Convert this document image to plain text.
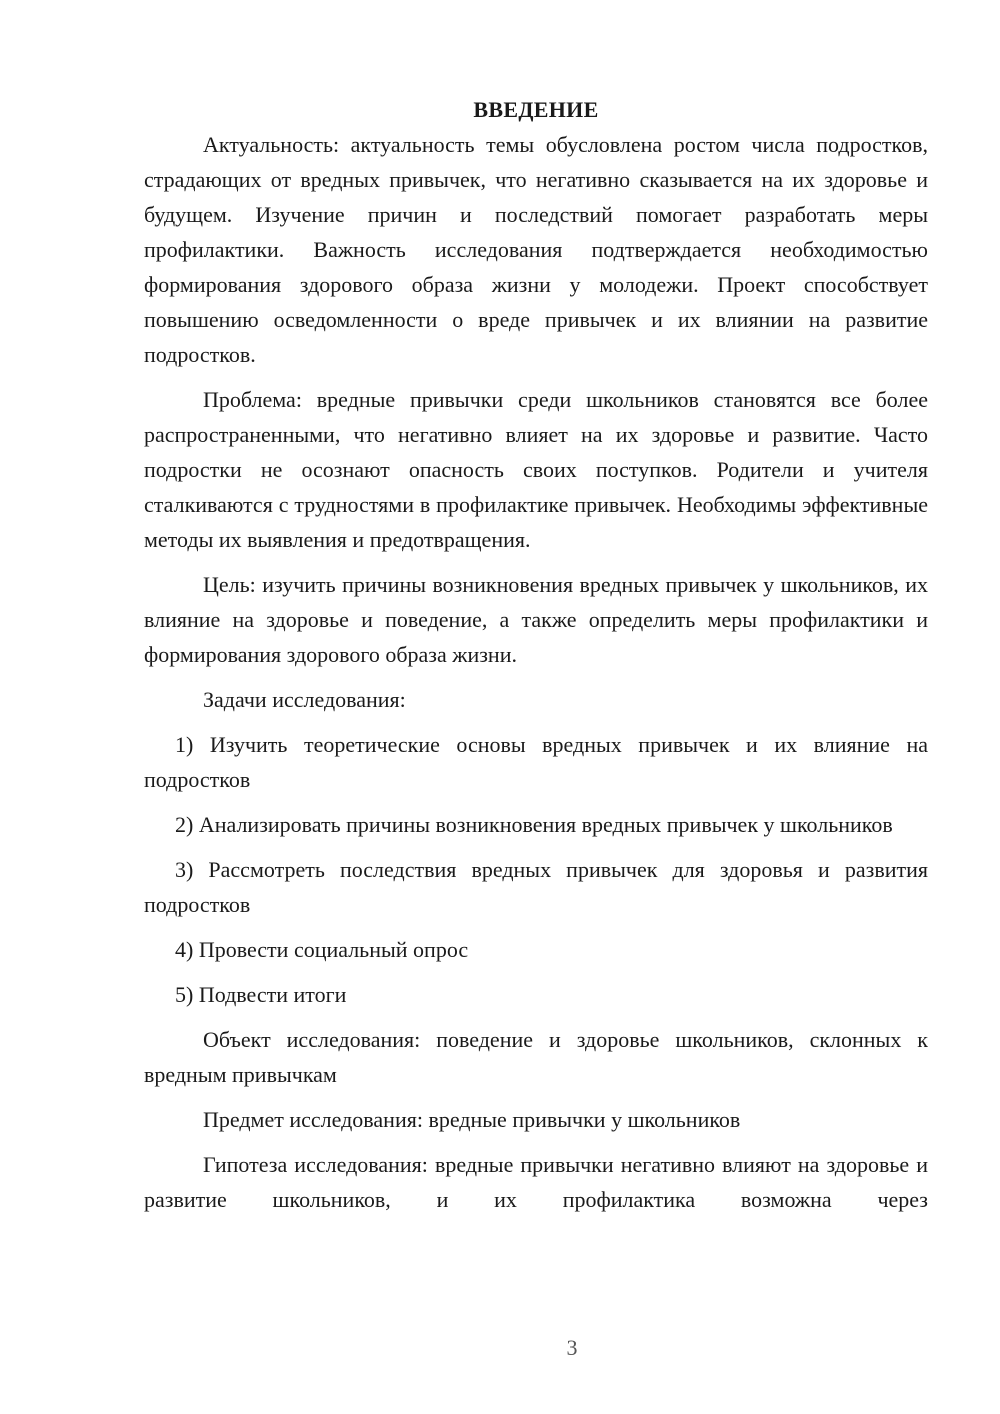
ВВЕДЕНИЕ

Актуальность: актуальность темы обусловлена ростом числа подростков, страдающих от вредных привычек, что негативно сказывается на их здоровье и будущем. Изучение причин и последствий помогает разработать меры профилактики. Важность исследования подтверждается необходимостью формирования здорового образа жизни у молодежи. Проект способствует повышению осведомленности о вреде привычек и их влиянии на развитие подростков.

Проблема: вредные привычки среди школьников становятся все более распространенными, что негативно влияет на их здоровье и развитие. Часто подростки не осознают опасность своих поступков. Родители и учителя сталкиваются с трудностями в профилактике привычек. Необходимы эффективные методы их выявления и предотвращения.

Цель: изучить причины возникновения вредных привычек у школьников, их влияние на здоровье и поведение, а также определить меры профилактики и формирования здорового образа жизни.

Задачи исследования:

1) Изучить теоретические основы вредных привычек и их влияние на подростков

2) Анализировать причины возникновения вредных привычек у школьников

3) Рассмотреть последствия вредных привычек для здоровья и развития подростков

4) Провести социальный опрос

5) Подвести итоги

Объект исследования: поведение и здоровье школьников, склонных к вредным привычкам

Предмет исследования: вредные привычки у школьников

Гипотеза исследования: вредные привычки негативно влияют на здоровье и развитие школьников, и их профилактика возможна через

3
